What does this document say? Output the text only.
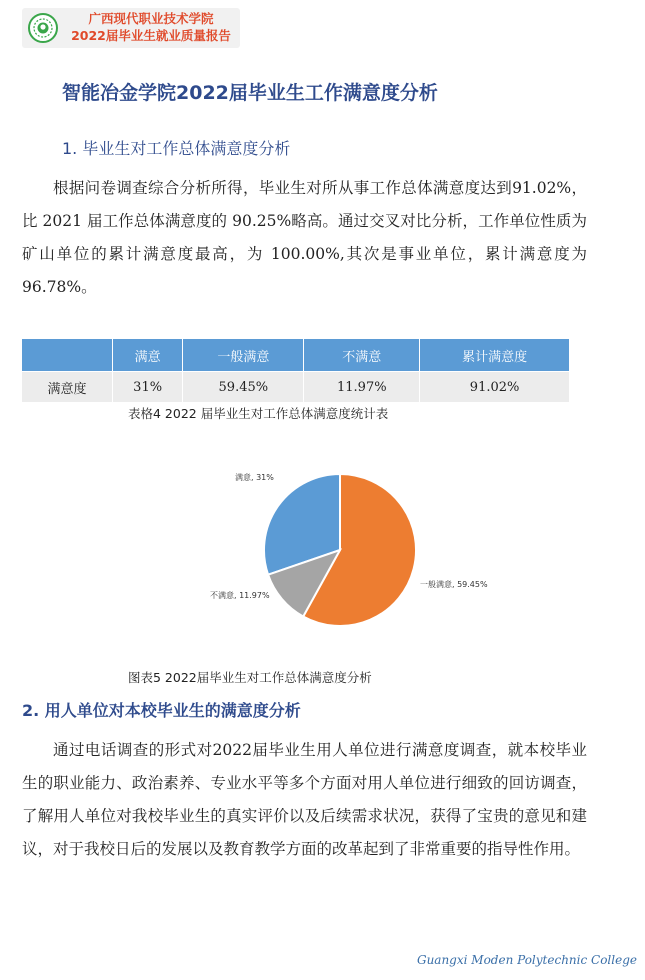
广西现代职业技术学院
2022届毕业生就业质量报告
智能冶金学院2022届毕业生工作满意度分析
1. 毕业生对工作总体满意度分析

根据问卷调查综合分析所得，毕业生对所从事工作总体满意度达到91.02%，比 2021 届工作总体满意度的 90.25%略高。通过交叉对比分析，工作单位性质为矿山单位的累计满意度最高，为 100.00%,其次是事业单位，累计满意度为96.78%。

	满意	一般满意	不满意	累计满意度
满意度	31%	59.45%	11.97%	91.02%

表格4 2022 届毕业生对工作总体满意度统计表

满意, 31%
一般满意, 59.45%
不满意, 11.97%

图表5 2022届毕业生对工作总体满意度分析

2. 用人单位对本校毕业生的满意度分析

通过电话调查的形式对2022届毕业生用人单位进行满意度调查，就本校毕业生的职业能力、政治素养、专业水平等多个方面对用人单位进行细致的回访调查，了解用人单位对我校毕业生的真实评价以及后续需求状况，获得了宝贵的意见和建议，对于我校日后的发展以及教育教学方面的改革起到了非常重要的指导性作用。

Guangxi Moden Polytechnic College
